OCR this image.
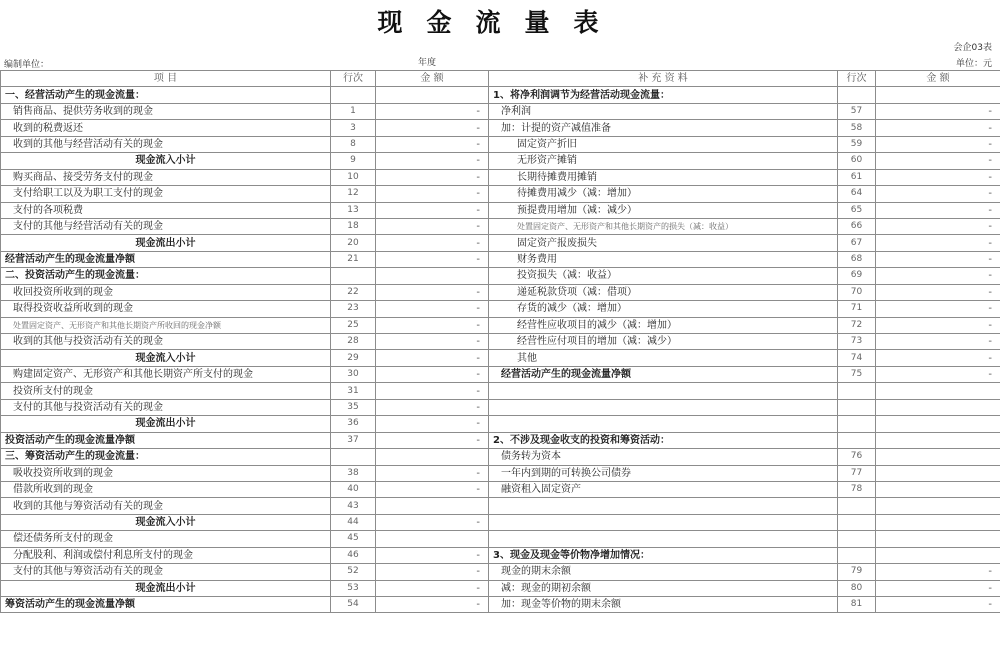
现金流量表
会企03表
单位：元
编制单位：	年度
项 目	行次	金 额	补 充 资 料	行次	金 额
一、经营活动产生的现金流量：			1、将净利润调节为经营活动现金流量：		
销售商品、提供劳务收到的现金	1	-	净利润	57	-
收到的税费返还	3	-	加：计提的资产减值准备	58	-
收到的其他与经营活动有关的现金	8	-	固定资产折旧	59	-
现金流入小计	9	-	无形资产摊销	60	-
购买商品、接受劳务支付的现金	10	-	长期待摊费用摊销	61	-
支付给职工以及为职工支付的现金	12	-	待摊费用减少（减：增加）	64	-
支付的各项税费	13	-	预提费用增加（减：减少）	65	-
支付的其他与经营活动有关的现金	18	-	处置固定资产、无形资产和其他长期资产的损失（减：收益）	66	-
现金流出小计	20	-	固定资产报废损失	67	-
经营活动产生的现金流量净额	21	-	财务费用	68	-
二、投资活动产生的现金流量：			投资损失（减：收益）	69	-
收回投资所收到的现金	22	-	递延税款贷项（减：借项）	70	-
取得投资收益所收到的现金	23	-	存货的减少（减：增加）	71	-
处置固定资产、无形资产和其他长期资产所收回的现金净额	25	-	经营性应收项目的减少（减：增加）	72	-
收到的其他与投资活动有关的现金	28	-	经营性应付项目的增加（减：减少）	73	-
现金流入小计	29	-	其他	74	-
购建固定资产、无形资产和其他长期资产所支付的现金	30	-	经营活动产生的现金流量净额	75	-
投资所支付的现金	31	-			
支付的其他与投资活动有关的现金	35	-			
现金流出小计	36	-			
投资活动产生的现金流量净额	37	-	2、不涉及现金收支的投资和筹资活动：		
三、筹资活动产生的现金流量：			债务转为资本	76	
吸收投资所收到的现金	38	-	一年内到期的可转换公司债券	77	
借款所收到的现金	40	-	融资租入固定资产	78	
收到的其他与筹资活动有关的现金	43				
现金流入小计	44	-			
偿还债务所支付的现金	45				
分配股利、利润或偿付利息所支付的现金	46	-	3、现金及现金等价物净增加情况：		
支付的其他与筹资活动有关的现金	52	-	现金的期末余额	79	-
现金流出小计	53	-	减：现金的期初余额	80	-
筹资活动产生的现金流量净额	54	-	加：现金等价物的期末余额	81	-
